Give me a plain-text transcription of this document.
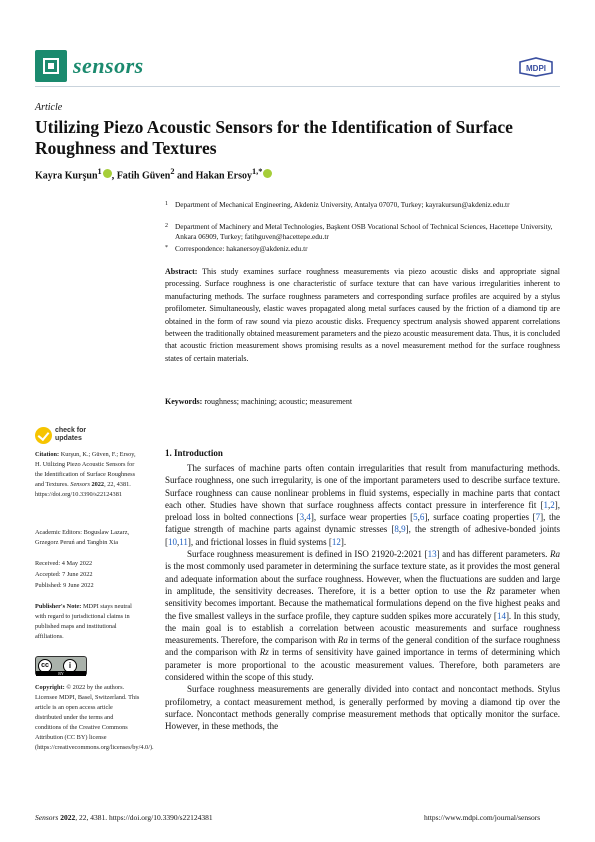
sensors	MDPI
Article
Utilizing Piezo Acoustic Sensors for the Identification of Surface Roughness and Textures
Kayra Kurşun$^1$ , Fatih Güven$^2$ and Hakan Ersoy$^{1,*}$
1 Department of Mechanical Engineering, Akdeniz University, Antalya 07070, Turkey; kayrakursun@akdeniz.edu.tr
2 Department of Machinery and Metal Technologies, Başkent OSB Vocational School of Technical Sciences, Hacettepe University, Ankara 06909, Turkey; fatihguven@hacettepe.edu.tr
* Correspondence: hakanersoy@akdeniz.edu.tr
Abstract: This study examines surface roughness measurements via piezo acoustic disks and appropriate signal processing. Surface roughness is one characteristic of surface texture that can have various irregularities inherent to manufacturing methods. The surface roughness parameters and corresponding surface profiles are acquired by a stylus profilometer. Simultaneously, elastic waves propagated along metal surfaces caused by the friction of a diamond tip are obtained in the form of raw sound via piezo acoustic disks. Frequency spectrum analysis showed apparent correlations between the traditionally obtained measurement parameters and the piezo acoustic measurement data. Thus, it is concluded that acoustic friction measurement shows promising results as a novel measurement method for the surface roughness states of certain materials.
Keywords: roughness; machining; acoustic; measurement
check for
updates
Citation: Kurşun, K.; Güven, F.; Ersoy, H. Utilizing Piezo Acoustic Sensors for the Identification of Surface Roughness and Textures. Sensors 2022, 22, 4381. https://doi.org/10.3390/s22124381
Academic Editors: Boguslaw Lazarz, Grzegorz Peruń and Tangbin Xia
Received: 4 May 2022
Accepted: 7 June 2022
Published: 9 June 2022
Publisher's Note: MDPI stays neutral with regard to jurisdictional claims in published maps and institutional affiliations.
cc	i
BY
Copyright: © 2022 by the authors. Licensee MDPI, Basel, Switzerland. This article is an open access article distributed under the terms and conditions of the Creative Commons Attribution (CC BY) license (https://creativecommons.org/licenses/by/4.0/).
1. Introduction

The surfaces of machine parts often contain irregularities that result from manufacturing methods. Surface roughness, one such irregularity, is one of the important parameters used to describe surface texture. Surface roughness can cause nonlinear problems in fluid systems, especially in machine parts that contact each other. Studies have shown that surface roughness affects contact pressure in interference fit [1,2], preload loss in bolted connections [3,4], surface wear properties [5,6], surface coating properties [7], the fatigue strength of machine parts against dynamic stresses [8,9], the strength of adhesive-bonded joints [10,11], and frictional losses in fluid systems [12].

Surface roughness measurement is defined in ISO 21920-2:2021 [13] and has different parameters. Ra is the most commonly used parameter in determining the surface texture state, as it provides the most general and adequate information about the surface roughness. However, when the fluctuations are sudden and large in amplitude, the sensitivity decreases. Therefore, it is a better option to use the Rz parameter when sensitivity becomes important. Because the mathematical formulations depend on the five highest peaks and the five smallest valleys in the surface profile, they capture sudden spikes more accurately [14]. In this study, the main goal is to establish a correlation between acoustic measurements and surface roughness measurements. Therefore, the comparison with Ra in terms of the general condition of the surface roughness and the comparison with Rz in terms of sensitivity have gained importance in terms of determining which parameter is more proportional to the acoustic measurement values. Therefore, both parameters are considered within the scope of this study.

Surface roughness measurements are generally divided into contact and noncontact methods. Stylus profilometry, a contact measurement method, is generally performed by moving a diamond tip over the surface. Noncontact methods generally comprise measurement methods that optically monitor the surface. However, in these methods, the

Sensors 2022, 22, 4381. https://doi.org/10.3390/s22124381	https://www.mdpi.com/journal/sensors
